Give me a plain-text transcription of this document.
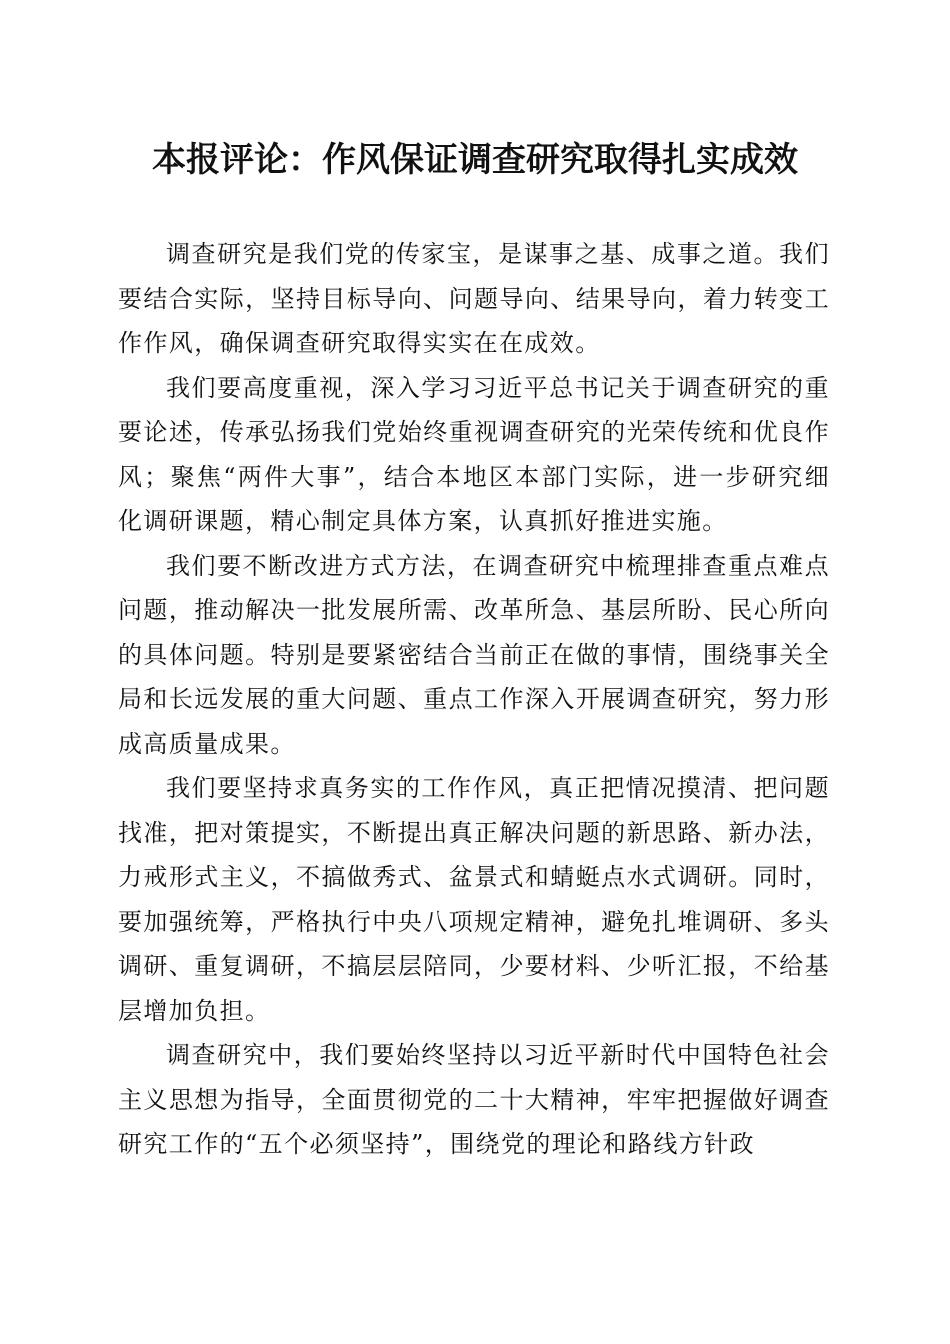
本报评论：作风保证调查研究取得扎实成效

调查研究是我们党的传家宝，是谋事之基、成事之道。我们要结合实际，坚持目标导向、问题导向、结果导向，着力转变工作作风，确保调查研究取得实实在在成效。

我们要高度重视，深入学习习近平总书记关于调查研究的重要论述，传承弘扬我们党始终重视调查研究的光荣传统和优良作风；聚焦“两件大事”，结合本地区本部门实际，进一步研究细化调研课题，精心制定具体方案，认真抓好推进实施。

我们要不断改进方式方法，在调查研究中梳理排查重点难点问题，推动解决一批发展所需、改革所急、基层所盼、民心所向的具体问题。特别是要紧密结合当前正在做的事情，围绕事关全局和长远发展的重大问题、重点工作深入开展调查研究，努力形成高质量成果。

我们要坚持求真务实的工作作风，真正把情况摸清、把问题找准，把对策提实，不断提出真正解决问题的新思路、新办法，力戒形式主义，不搞做秀式、盆景式和蜻蜓点水式调研。同时，要加强统筹，严格执行中央八项规定精神，避免扎堆调研、多头调研、重复调研，不搞层层陪同，少要材料、少听汇报，不给基层增加负担。

调查研究中，我们要始终坚持以习近平新时代中国特色社会主义思想为指导，全面贯彻党的二十大精神，牢牢把握做好调查研究工作的“五个必须坚持”，围绕党的理论和路线方针政
